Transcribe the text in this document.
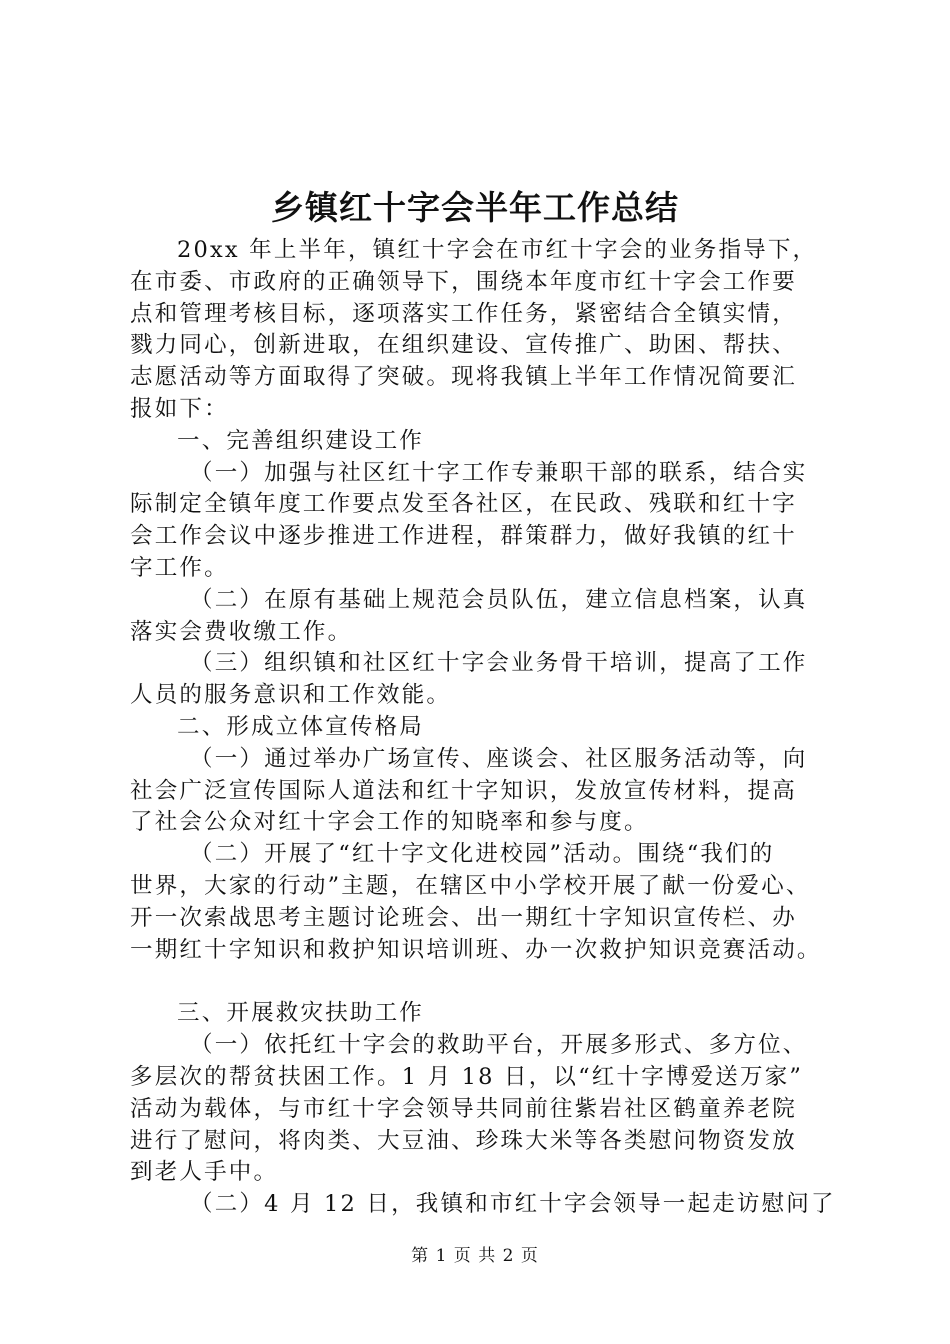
乡镇红十字会半年工作总结
20xx 年上半年，镇红十字会在市红十字会的业务指导下，
在市委、市政府的正确领导下，围绕本年度市红十字会工作要
点和管理考核目标，逐项落实工作任务，紧密结合全镇实情，
戮力同心，创新进取，在组织建设、宣传推广、助困、帮扶、
志愿活动等方面取得了突破。现将我镇上半年工作情况简要汇
报如下：
一、完善组织建设工作
（一）加强与社区红十字工作专兼职干部的联系，结合实
际制定全镇年度工作要点发至各社区，在民政、残联和红十字
会工作会议中逐步推进工作进程，群策群力，做好我镇的红十
字工作。
（二）在原有基础上规范会员队伍，建立信息档案，认真
落实会费收缴工作。
（三）组织镇和社区红十字会业务骨干培训，提高了工作
人员的服务意识和工作效能。
二、形成立体宣传格局
（一）通过举办广场宣传、座谈会、社区服务活动等，向
社会广泛宣传国际人道法和红十字知识，发放宣传材料，提高
了社会公众对红十字会工作的知晓率和参与度。
（二）开展了“红十字文化进校园”活动。围绕“我们的
世界，大家的行动”主题，在辖区中小学校开展了献一份爱心、
开一次索战思考主题讨论班会、出一期红十字知识宣传栏、办
一期红十字知识和救护知识培训班、办一次救护知识竞赛活动。
三、开展救灾扶助工作
（一）依托红十字会的救助平台，开展多形式、多方位、
多层次的帮贫扶困工作。1 月 18 日，以“红十字博爱送万家”
活动为载体，与市红十字会领导共同前往紫岩社区鹤童养老院
进行了慰问，将肉类、大豆油、珍珠大米等各类慰问物资发放
到老人手中。
（二）4 月 12 日，我镇和市红十字会领导一起走访慰问了
第 1 页 共 2 页
